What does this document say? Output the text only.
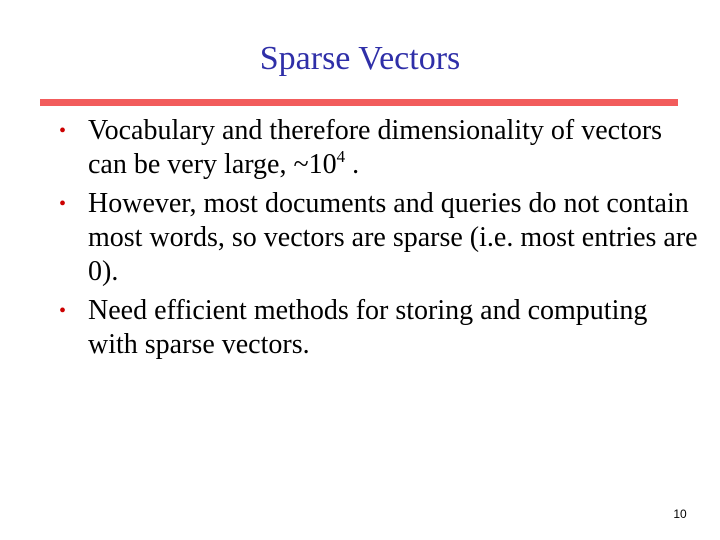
Sparse Vectors
• Vocabulary and therefore dimensionality of vectors can be very large, $\sim 10^4$ .
• However, most documents and queries do not contain most words, so vectors are sparse (i.e. most entries are 0).
• Need efficient methods for storing and computing with sparse vectors.
10
